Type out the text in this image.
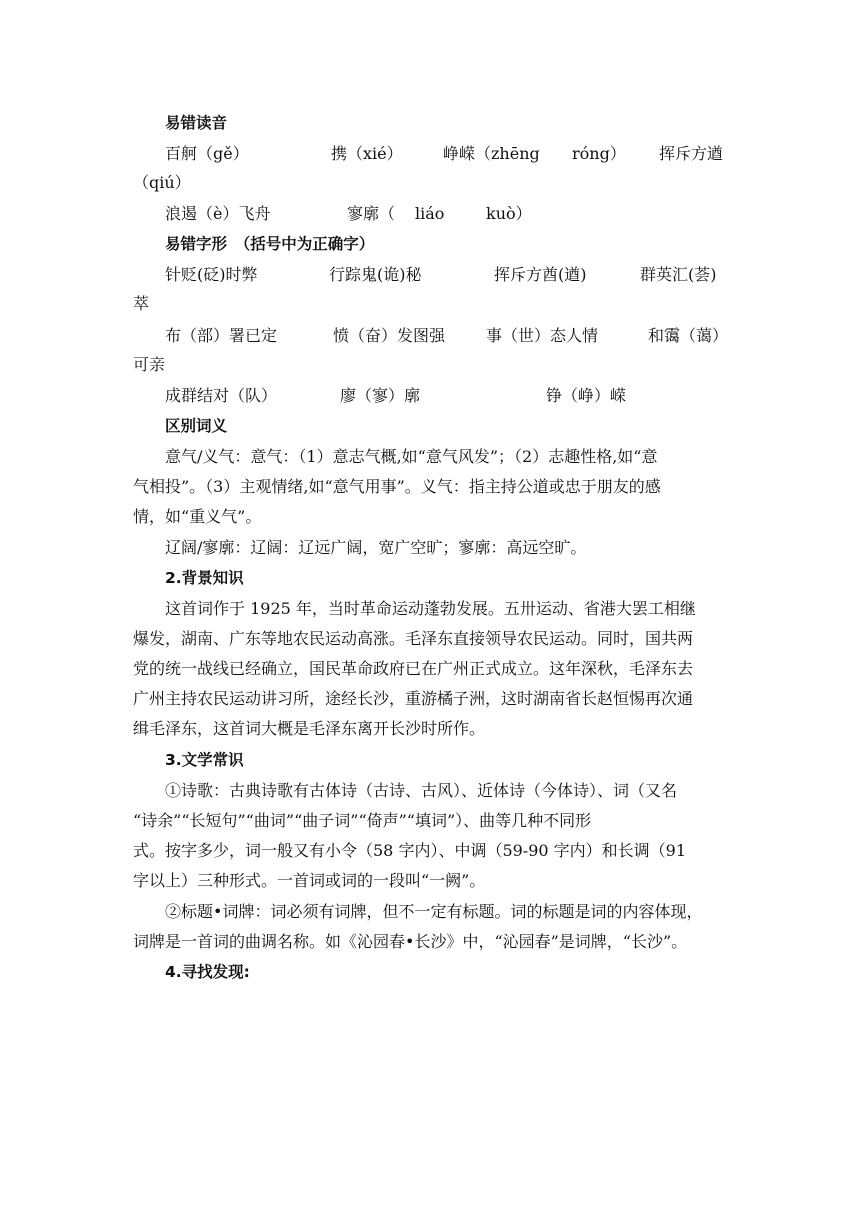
易错读音
百舸（gě）	携（xié）	峥嵘（zhēng	róng）	挥斥方遒
（qiú）
浪遏（è）飞舟	寥廓（	liáo	kuò）
易错字形　（括号中为正确字）
针贬(砭)时弊	行踪鬼(诡)秘	挥斥方酋(遒)	群英汇(荟)
萃
布（部）署已定	愤（奋）发图强	事（世）态人情	和霭（蔼）
可亲
成群结对（队）	廖（寥）廓	铮（峥）嵘
区别词义
意气/义气：意气：（1）意志气概,如“意气风发”；（2）志趣性格,如“意
气相投”。（3）主观情绪,如“意气用事”。义气：指主持公道或忠于朋友的感
情，如“重义气”。
辽阔/寥廓：辽阔：辽远广阔，宽广空旷；寥廓：高远空旷。
2.背景知识
这首词作于 1925 年，当时革命运动蓬勃发展。五卅运动、省港大罢工相继
爆发，湖南、广东等地农民运动高涨。毛泽东直接领导农民运动。同时，国共两
党的统一战线已经确立，国民革命政府已在广州正式成立。这年深秋，毛泽东去
广州主持农民运动讲习所，途经长沙，重游橘子洲，这时湖南省长赵恒惕再次通
缉毛泽东，这首词大概是毛泽东离开长沙时所作。
3.文学常识
①诗歌：古典诗歌有古体诗（古诗、古风）、近体诗（今体诗）、词（又名
“诗余”“长短句”“曲词”“曲子词”“倚声”“填词”）、曲等几种不同形
式。按字多少，词一般又有小令（58 字内）、中调（59-90 字内）和长调（91
字以上）三种形式。一首词或词的一段叫“一阙”。
②标题•词牌：词必须有词牌，但不一定有标题。词的标题是词的内容体现，
词牌是一首词的曲调名称。如《沁园春•长沙》中，“沁园春”是词牌，“长沙”。
4.寻找发现:
